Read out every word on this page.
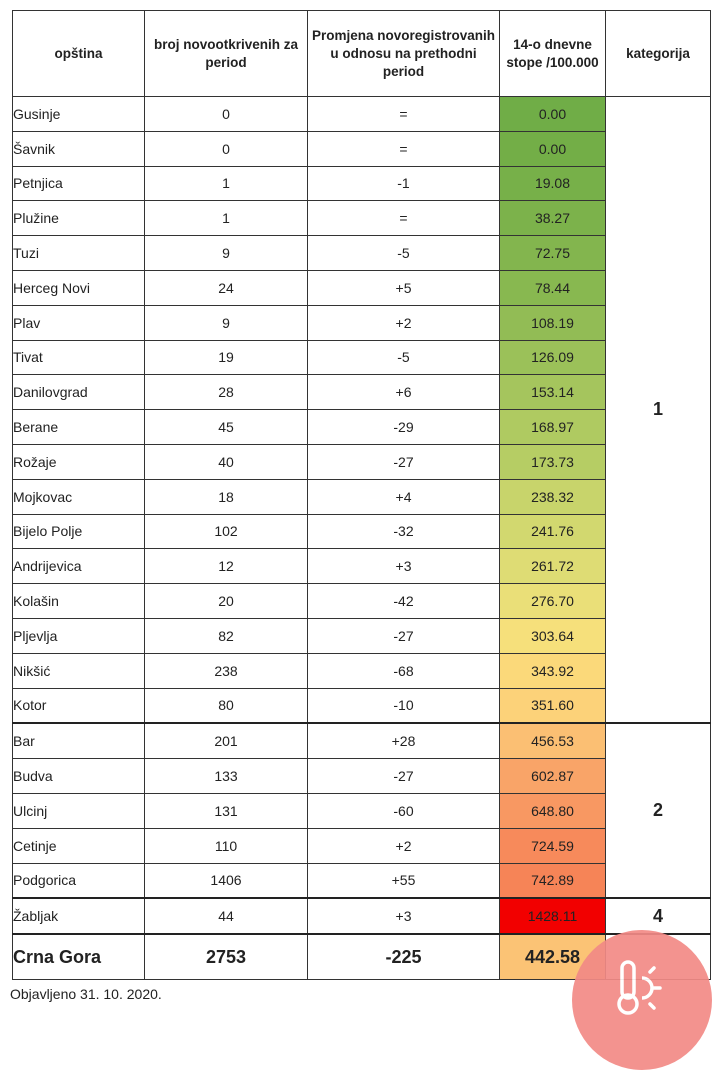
opština	broj novootkrivenih za period	Promjena novoregistrovanih u odnosu na prethodni period	14-o dnevne stope /100.000	kategorija
Gusinje	0	=	0.00	1
Šavnik	0	=	0.00	
Petnjica	1	-1	19.08	
Plužine	1	=	38.27	
Tuzi	9	-5	72.75	
Herceg Novi	24	+5	78.44	
Plav	9	+2	108.19	
Tivat	19	-5	126.09	
Danilovgrad	28	+6	153.14	
Berane	45	-29	168.97	
Rožaje	40	-27	173.73	
Mojkovac	18	+4	238.32	
Bijelo Polje	102	-32	241.76	
Andrijevica	12	+3	261.72	
Kolašin	20	-42	276.70	
Pljevlja	82	-27	303.64	
Nikšić	238	-68	343.92	
Kotor	80	-10	351.60	
Bar	201	+28	456.53	2
Budva	133	-27	602.87	
Ulcinj	131	-60	648.80	
Cetinje	110	+2	724.59	
Podgorica	1406	+55	742.89	
Žabljak	44	+3	1428.11	4
Crna Gora	2753	-225	442.58	
Objavljeno 31. 10. 2020.
